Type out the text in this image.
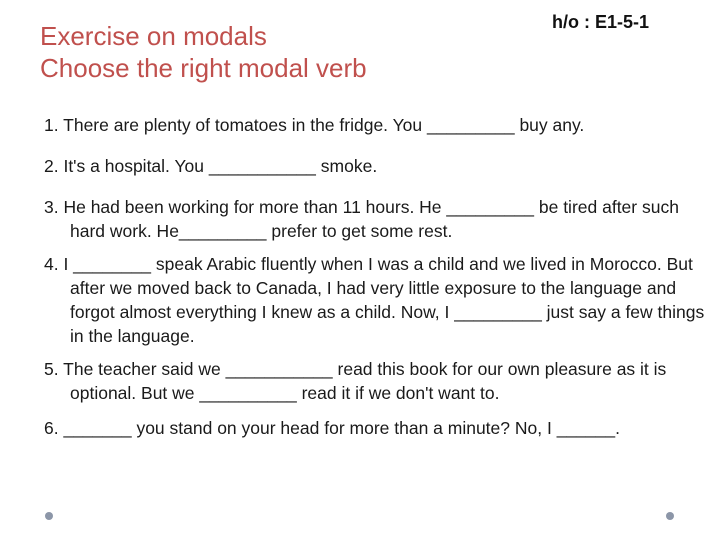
Exercise on modals
Choose the right modal verb
h/o : E1-5-1
1. There are plenty of tomatoes in the fridge. You _________ buy any.
2. It's a hospital. You ___________ smoke.
3. He had been working for more than 11 hours. He _________ be tired after such hard work. He_________ prefer to get some rest.
4. I ________ speak Arabic fluently when I was a child and we lived in Morocco. But after we moved back to Canada, I had very little exposure to the language and forgot almost everything I knew as a child. Now, I _________ just say a few things in the language.
5. The teacher said we ___________ read this book for our own pleasure as it is optional. But we __________ read it if we don't want to.
6. _______ you stand on your head for more than a minute? No, I ______.
